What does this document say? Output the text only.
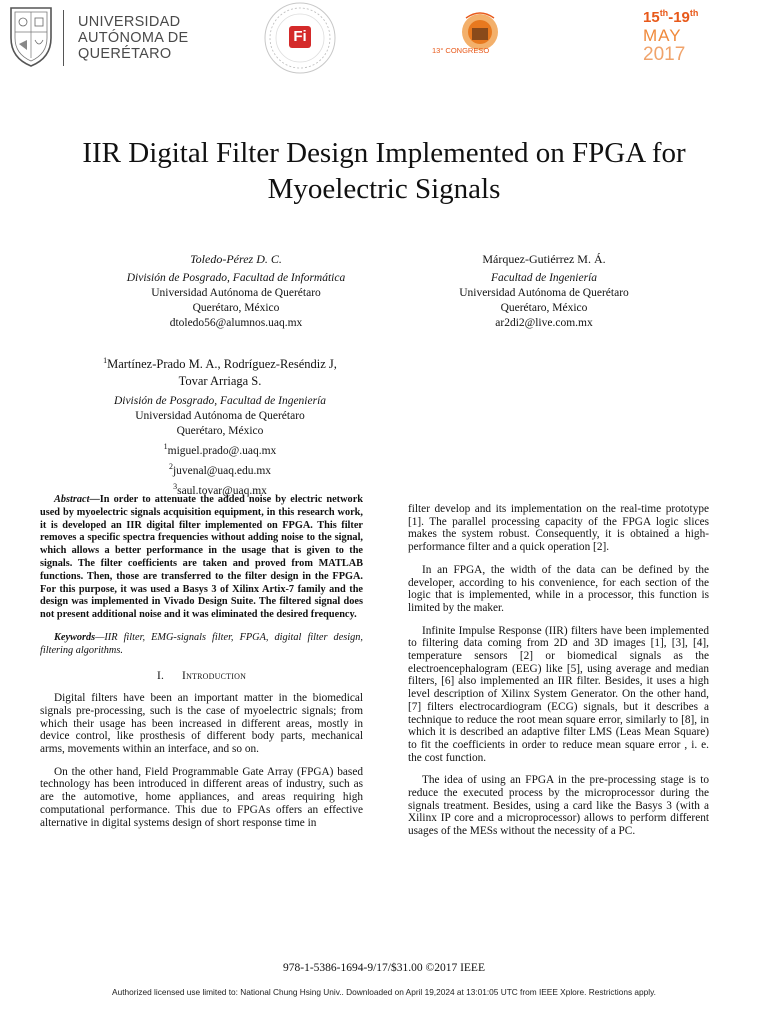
UNIVERSIDAD
AUTÓNOMA DE
QUERÉTARO
Fi
13° CONGRESO
15th-19th
MAY
2017
IIR Digital Filter Design Implemented on FPGA for
Myoelectric Signals
Toledo-Pérez D. C.
División de Posgrado, Facultad de Informática
Universidad Autónoma de Querétaro
Querétaro, México
dtoledo56@alumnos.uaq.mx
Márquez-Gutiérrez M. Á.
Facultad de Ingeniería
Universidad Autónoma de Querétaro
Querétaro, México
ar2di2@live.com.mx
$^1$Martínez-Prado M. A., Rodríguez-Reséndiz J,
Tovar Arriaga S.
División de Posgrado, Facultad de Ingeniería
Universidad Autónoma de Querétaro
Querétaro, México
$^1$miguel.prado@.uaq.mx
$^2$juvenal@uaq.edu.mx
$^3$saul.tovar@uaq.mx

Abstract—In order to attenuate the added noise by electric network used by myoelectric signals acquisition equipment, in this research work, it is developed an IIR digital filter implemented on FPGA. This filter removes a specific spectra frequencies without adding noise to the signal, which allows a better performance in the usage that is given to the signals. The filter coefficients are taken and proved from MATLAB functions. Then, those are transferred to the filter design in the FPGA. For this purpose, it was used a Basys 3 of Xilinx Artix-7 family and the design was implemented in Vivado Design Suite. The filtered signal does not present additional noise and it was eliminated the desired frequency.

Keywords—IIR filter, EMG-signals filter, FPGA, digital filter design, filtering algorithms.

I. Introduction

Digital filters have been an important matter in the biomedical signals pre-processing, such is the case of myoelectric signals; from which their usage has been increased in different areas, mostly in device control, like prosthesis of different body parts, mechanical arms, movements within an interface, and so on.

On the other hand, Field Programmable Gate Array (FPGA) based technology has been introduced in different areas of industry, such as are the automotive, home appliances, and areas requiring high computational performance. This due to FPGAs offers an effective alternative in digital systems design of short response time in

filter develop and its implementation on the real-time prototype [1]. The parallel processing capacity of the FPGA logic slices makes the system robust. Consequently, it is obtained a high-performance filter and a quick operation [2].

In an FPGA, the width of the data can be defined by the developer, according to his convenience, for each section of the logic that is implemented, while in a processor, this function is limited by the maker.

Infinite Impulse Response (IIR) filters have been implemented to filtering data coming from 2D and 3D images [1], [3], [4], temperature sensors [2] or biomedical signals as the electroencephalogram (EEG) like [5], using average and median filters, [6] also implemented an IIR filter. Besides, it uses a high level description of Xilinx System Generator. On the other hand, [7] filters electrocardiogram (ECG) signals, but it describes a technique to reduce the root mean square error, similarly to [8], in which it is described an adaptive filter LMS (Leas Mean Square) to fit the coefficients in order to reduce mean square error , i. e. the cost function.

The idea of using an FPGA in the pre-processing stage is to reduce the executed process by the microprocessor during the signals treatment. Besides, using a card like the Basys 3 (with a Xilinx IP core and a microprocessor) allows to perform different usages of the MESs without the necessity of a PC.

978-1-5386-1694-9/17/$31.00 ©2017 IEEE
Authorized licensed use limited to: National Chung Hsing Univ.. Downloaded on April 19,2024 at 13:01:05 UTC from IEEE Xplore. Restrictions apply.
